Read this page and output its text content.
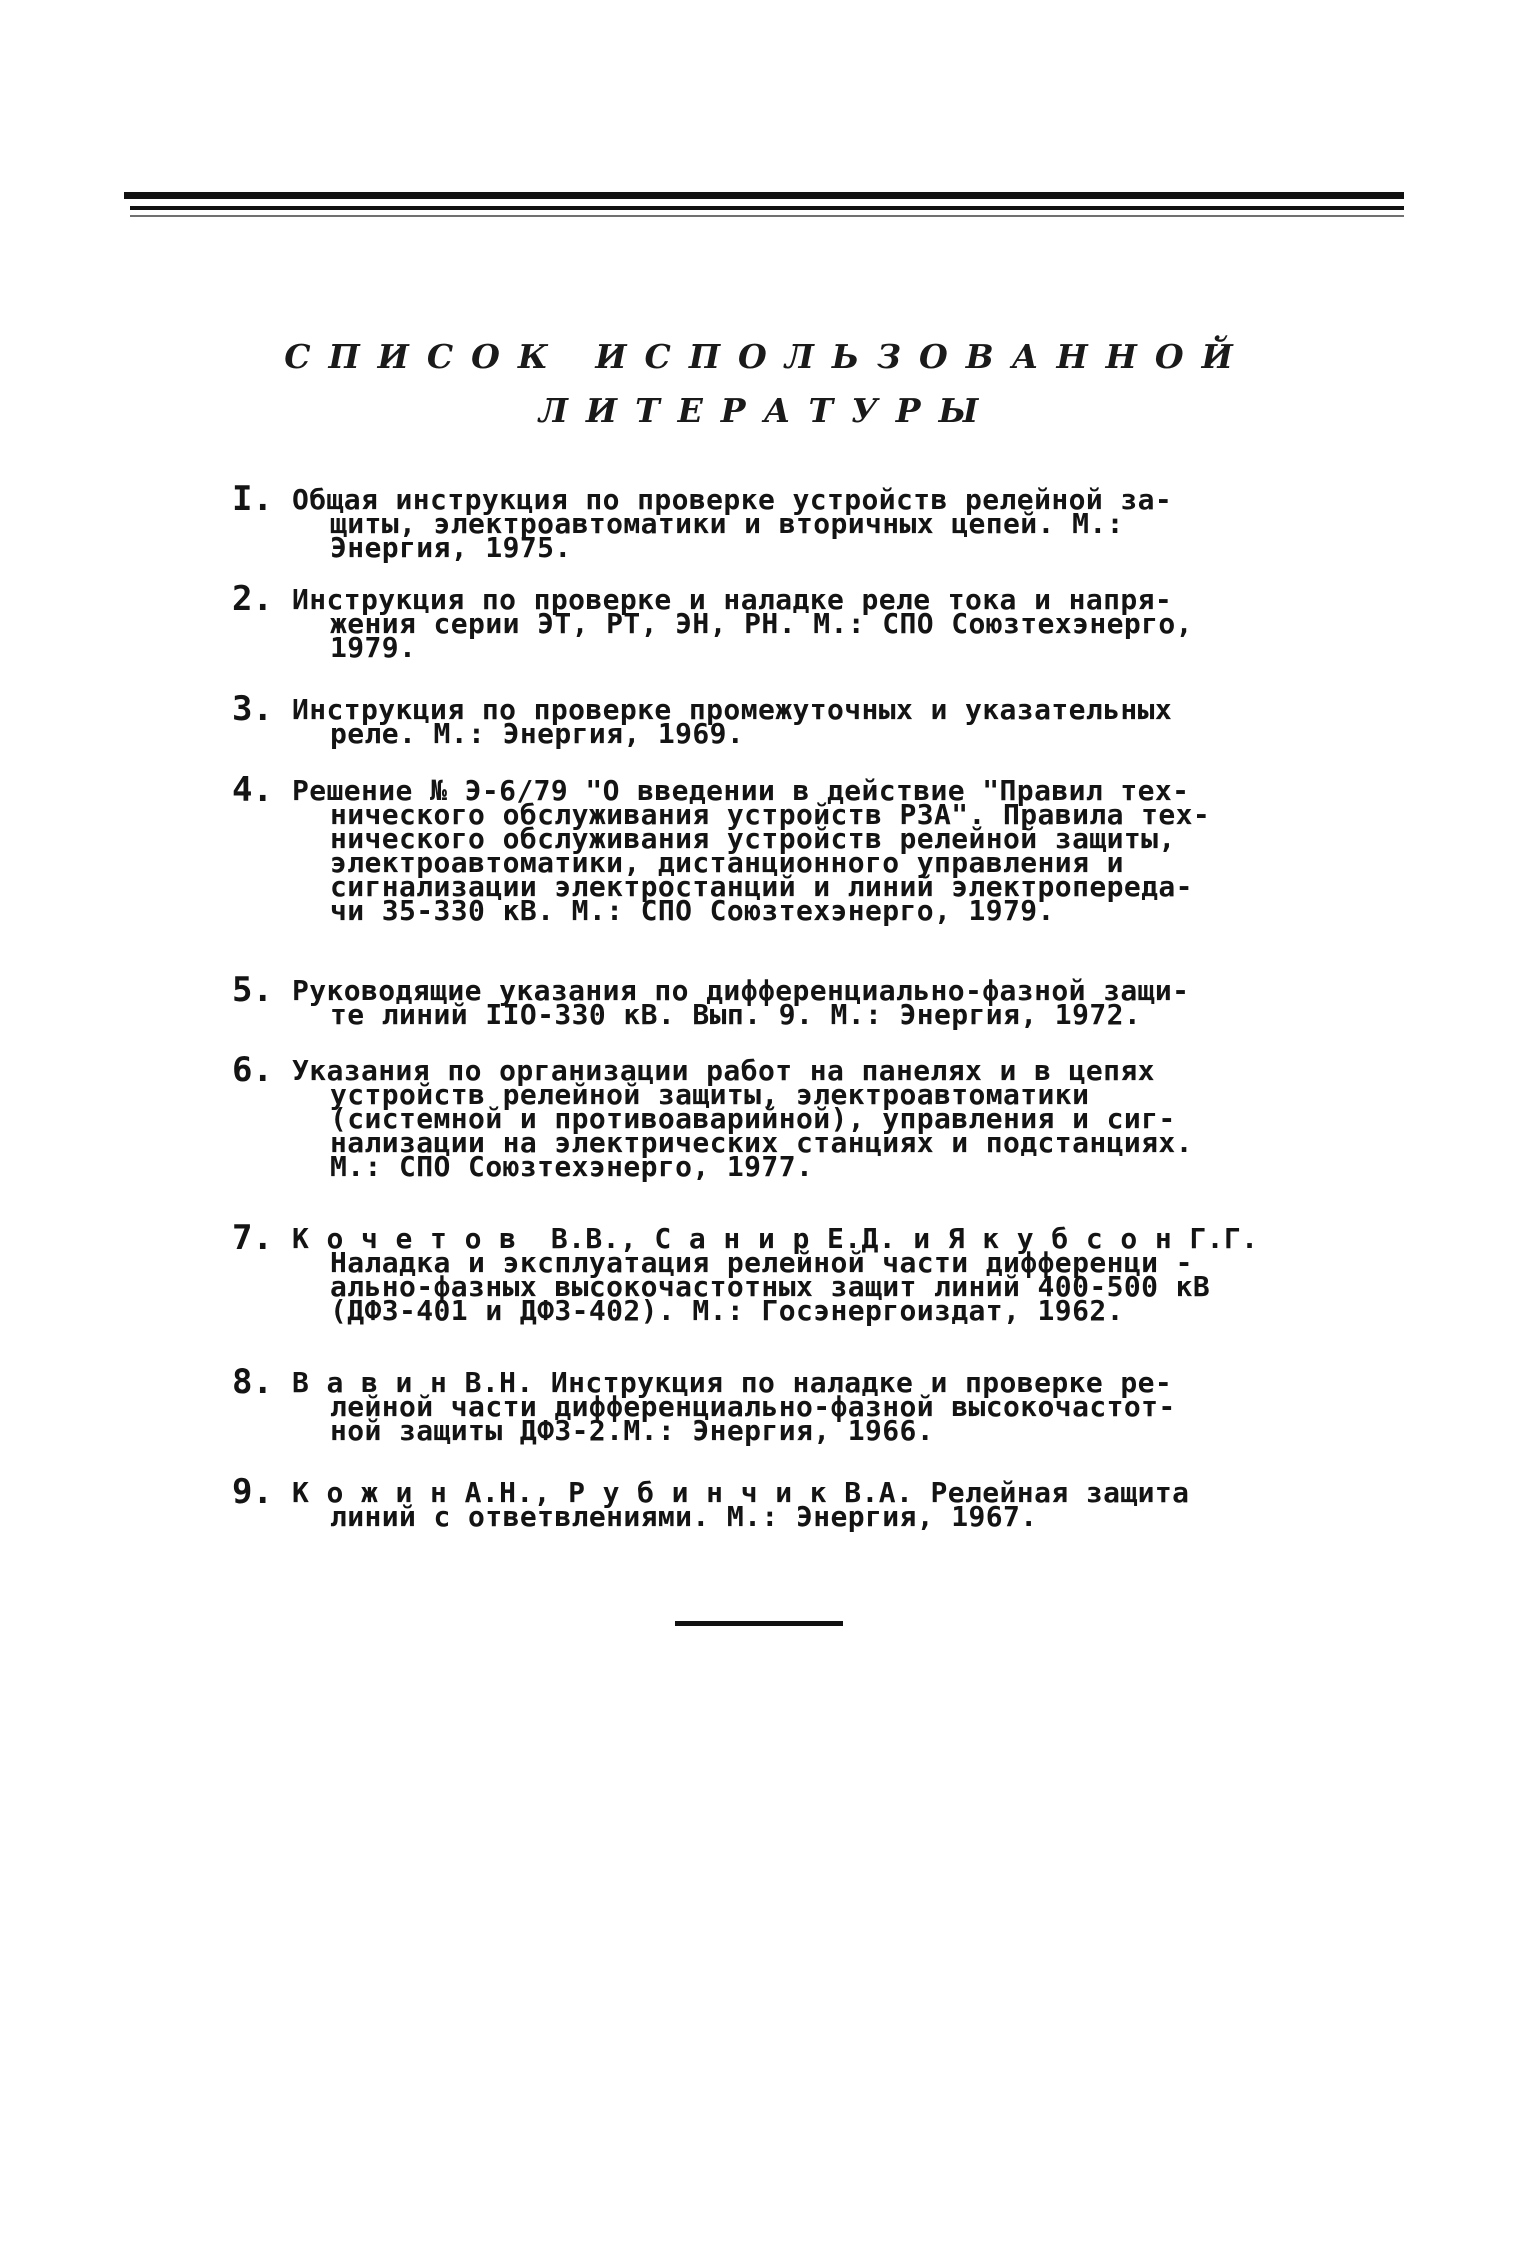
СПИСОК ИСПОЛЬЗОВАННОЙ
ЛИТЕРАТУРЫ
I. Общая инструкция по проверке устройств релейной за-
щиты, электроавтоматики и вторичных цепей. М.:
Энергия, 1975.
2. Инструкция по проверке и наладке реле тока и напря-
жения серии ЭТ, РТ, ЭН, РН. М.: СПО Союзтехэнерго,
1979.
3. Инструкция по проверке промежуточных и указательных
реле. М.: Энергия, 1969.
4. Решение № Э-6/79 "О введении в действие "Правил тех-
нического обслуживания устройств РЗА". Правила тех-
нического обслуживания устройств релейной защиты,
электроавтоматики, дистанционного управления и
сигнализации электростанций и линий электропереда-
чи 35-330 кВ. М.: СПО Союзтехэнерго, 1979.
5. Руководящие указания по дифференциально-фазной защи-
те линий IIО-330 кВ. Вып. 9. М.: Энергия, 1972.
6. Указания по организации работ на панелях и в цепях
устройств релейной защиты, электроавтоматики
(системной и противоаварийной), управления и сиг-
нализации на электрических станциях и подстанциях.
М.: СПО Союзтехэнерго, 1977.
7. К о ч е т о в  В.В., С а н и р Е.Д. и Я к у б с о н Г.Г.
Наладка и эксплуатация релейной части дифференци -
ально-фазных высокочастотных защит линий 400-500 кВ
(ДФЗ-401 и ДФЗ-402). М.: Госэнергоиздат, 1962.
8. В а в и н В.Н. Инструкция по наладке и проверке ре-
лейной части дифференциально-фазной высокочастот-
ной защиты ДФЗ-2.М.: Энергия, 1966.
9. К о ж и н А.Н., Р у б и н ч и к В.А. Релейная защита
линий с ответвлениями. М.: Энергия, 1967.
